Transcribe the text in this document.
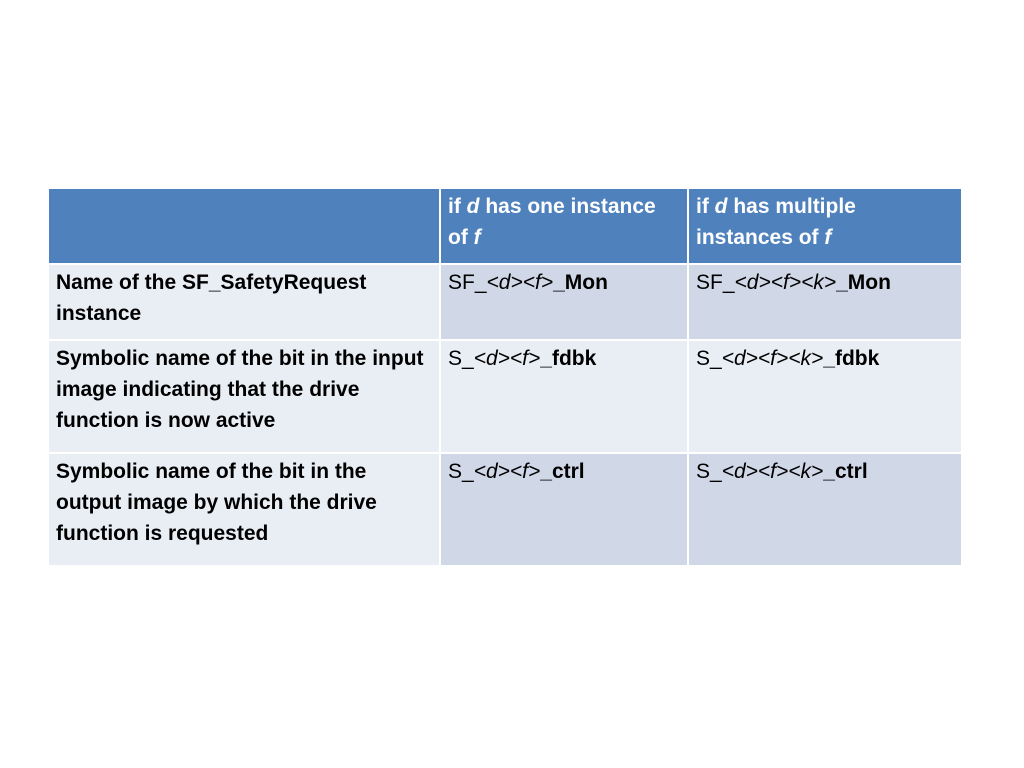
	if d has one instance of f	if d has multiple instances of f
Name of the SF_SafetyRequest instance	SF_<d><f>_Mon	SF_<d><f><k>_Mon
Symbolic name of the bit in the input image indicating that the drive function is now active	S_<d><f>_fdbk	S_<d><f><k>_fdbk
Symbolic name of the bit in the output image by which the drive function is requested	S_<d><f>_ctrl	S_<d><f><k>_ctrl
